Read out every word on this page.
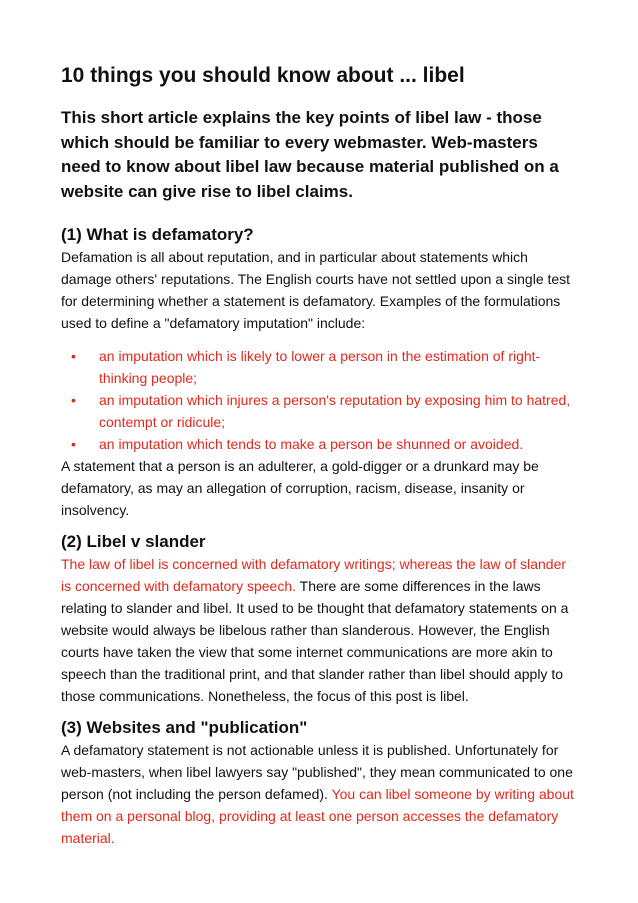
10 things you should know about ... libel

This short article explains the key points of libel law - those which should be familiar to every webmaster. Web-masters need to know about libel law because material published on a website can give rise to libel claims.

(1) What is defamatory?

Defamation is all about reputation, and in particular about statements which damage others' reputations. The English courts have not settled upon a single test for determining whether a statement is defamatory. Examples of the formulations used to define a "defamatory imputation" include:

• an imputation which is likely to lower a person in the estimation of right-thinking people;
• an imputation which injures a person's reputation by exposing him to hatred, contempt or ridicule;
• an imputation which tends to make a person be shunned or avoided.

A statement that a person is an adulterer, a gold-digger or a drunkard may be defamatory, as may an allegation of corruption, racism, disease, insanity or insolvency.

(2) Libel v slander

The law of libel is concerned with defamatory writings; whereas the law of slander is concerned with defamatory speech. There are some differences in the laws relating to slander and libel. It used to be thought that defamatory statements on a website would always be libelous rather than slanderous. However, the English courts have taken the view that some internet communications are more akin to speech than the traditional print, and that slander rather than libel should apply to those communications. Nonetheless, the focus of this post is libel.

(3) Websites and "publication"

A defamatory statement is not actionable unless it is published. Unfortunately for web-masters, when libel lawyers say "published", they mean communicated to one person (not including the person defamed). You can libel someone by writing about them on a personal blog, providing at least one person accesses the defamatory material.
